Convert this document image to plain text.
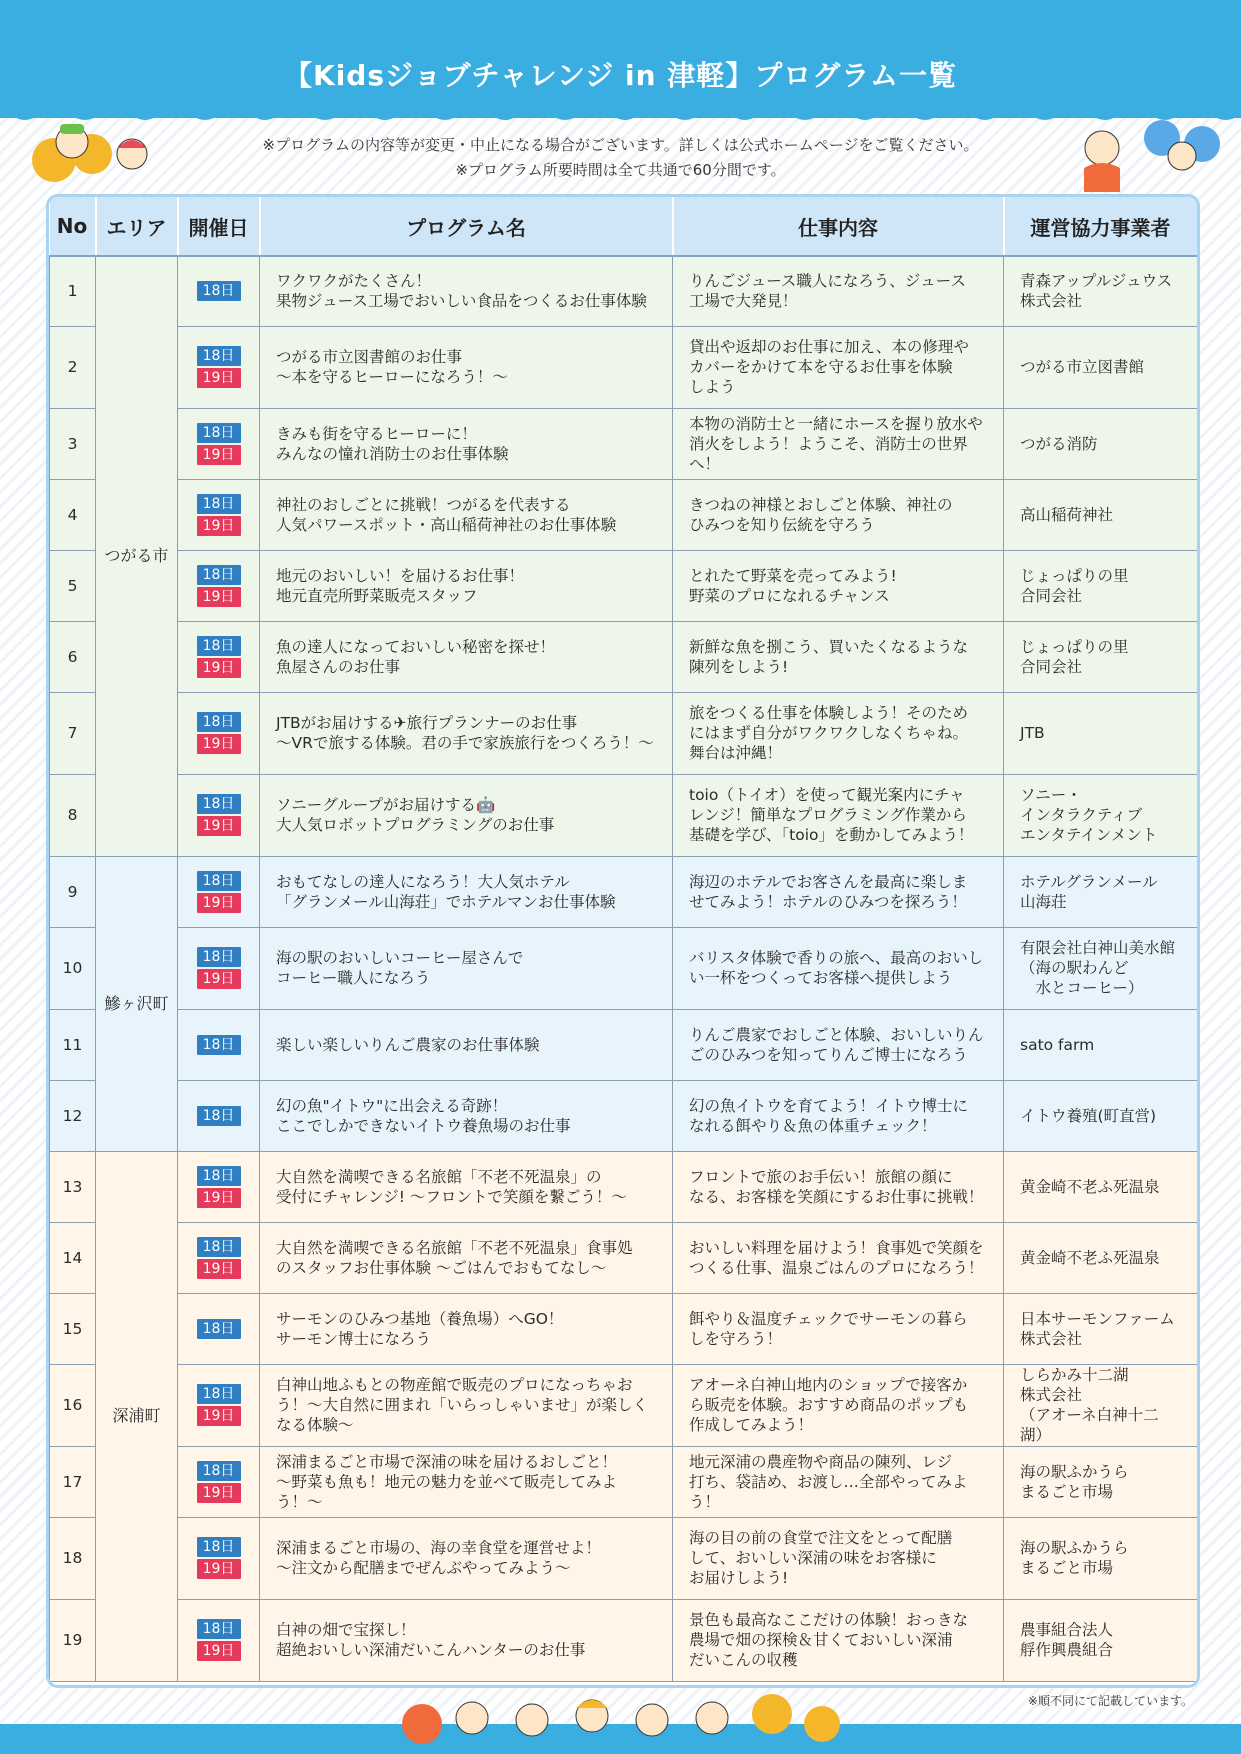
【Kidsジョブチャレンジ in 津軽】プログラム一覧
※プログラムの内容等が変更・中止になる場合がございます。詳しくは公式ホームページをご覧ください。
※プログラム所要時間は全て共通で60分間です。
No	エリア	開催日	プログラム名	仕事内容	運営協力事業者
1	つがる市	18日	ワクワクがたくさん！
果物ジュース工場でおいしい食品をつくるお仕事体験	りんごジュース職人になろう、ジュース
工場で大発見！	青森アップルジュウス
株式会社
2		18日
19日	つがる市立図書館のお仕事
〜本を守るヒーローになろう！〜	貸出や返却のお仕事に加え、本の修理や
カバーをかけて本を守るお仕事を体験
しよう	つがる市立図書館
3		18日
19日	きみも街を守るヒーローに！
みんなの憧れ消防士のお仕事体験	本物の消防士と一緒にホースを握り放水や
消火をしよう！ようこそ、消防士の世界へ！	つがる消防
4		18日
19日	神社のおしごとに挑戦！つがるを代表する
人気パワースポット・高山稲荷神社のお仕事体験	きつねの神様とおしごと体験、神社の
ひみつを知り伝統を守ろう	高山稲荷神社
5		18日
19日	地元のおいしい！を届けるお仕事！
地元直売所野菜販売スタッフ	とれたて野菜を売ってみよう!
野菜のプロになれるチャンス	じょっぱりの里
合同会社
6		18日
19日	魚の達人になっておいしい秘密を探せ！
魚屋さんのお仕事	新鮮な魚を捌こう、買いたくなるような
陳列をしよう!	じょっぱりの里
合同会社
7		18日
19日	JTBがお届けする✈旅行プランナーのお仕事
〜VRで旅する体験。君の手で家族旅行をつくろう！〜	旅をつくる仕事を体験しよう！そのため
にはまず自分がワクワクしなくちゃね。
舞台は沖縄！	JTB
8		18日
19日	ソニーグループがお届けする🤖
大人気ロボットプログラミングのお仕事	toio（トイオ）を使って観光案内にチャ
レンジ！簡単なプログラミング作業から
基礎を学び、「toio」を動かしてみよう！	ソニー・
インタラクティブ
エンタテインメント
9	鰺ヶ沢町	18日
19日	おもてなしの達人になろう！大人気ホテル
「グランメール山海荘」でホテルマンお仕事体験	海辺のホテルでお客さんを最高に楽しま
せてみよう！ホテルのひみつを探ろう！	ホテルグランメール
山海荘
10		18日
19日	海の駅のおいしいコーヒー屋さんで
コーヒー職人になろう	バリスタ体験で香りの旅へ、最高のおいし
い一杯をつくってお客様へ提供しよう	有限会社白神山美水館
（海の駅わんど
　水とコーヒー）
11		18日	楽しい楽しいりんご農家のお仕事体験	りんご農家でおしごと体験、おいしいりん
ごのひみつを知ってりんご博士になろう	sato farm
12		18日	幻の魚"イトウ"に出会える奇跡！
ここでしかできないイトウ養魚場のお仕事	幻の魚イトウを育てよう！イトウ博士に
なれる餌やり＆魚の体重チェック！	イトウ養殖(町直営)
13	深浦町	18日
19日	大自然を満喫できる名旅館「不老不死温泉」の
受付にチャレンジ! 〜フロントで笑顔を繋ごう！〜	フロントで旅のお手伝い！旅館の顔に
なる、お客様を笑顔にするお仕事に挑戦！	黄金崎不老ふ死温泉
14		18日
19日	大自然を満喫できる名旅館「不老不死温泉」食事処
のスタッフお仕事体験 〜ごはんでおもてなし〜	おいしい料理を届けよう！食事処で笑顔を
つくる仕事、温泉ごはんのプロになろう！	黄金崎不老ふ死温泉
15		18日	サーモンのひみつ基地（養魚場）へGO！
サーモン博士になろう	餌やり＆温度チェックでサーモンの暮ら
しを守ろう！	日本サーモンファーム
株式会社
16		18日
19日	白神山地ふもとの物産館で販売のプロになっちゃお
う！〜大自然に囲まれ「いらっしゃいませ」が楽しく
なる体験〜	アオーネ白神山地内のショップで接客か
ら販売を体験。おすすめ商品のポップも
作成してみよう！	しらかみ十二湖
株式会社
（アオーネ白神十二湖）
17		18日
19日	深浦まるごと市場で深浦の味を届けるおしごと！
〜野菜も魚も！地元の魅力を並べて販売してみよう！〜	地元深浦の農産物や商品の陳列、レジ
打ち、袋詰め、お渡し…全部やってみよう！	海の駅ふかうら
まるごと市場
18		18日
19日	深浦まるごと市場の、海の幸食堂を運営せよ！
〜注文から配膳までぜんぶやってみよう〜	海の目の前の食堂で注文をとって配膳
して、おいしい深浦の味をお客様に
お届けしよう!	海の駅ふかうら
まるごと市場
19		18日
19日	白神の畑で宝探し！
超絶おいしい深浦だいこんハンターのお仕事	景色も最高なここだけの体験！おっきな
農場で畑の探検＆甘くておいしい深浦
だいこんの収穫	農事組合法人
艀作興農組合
※順不同にて記載しています。
